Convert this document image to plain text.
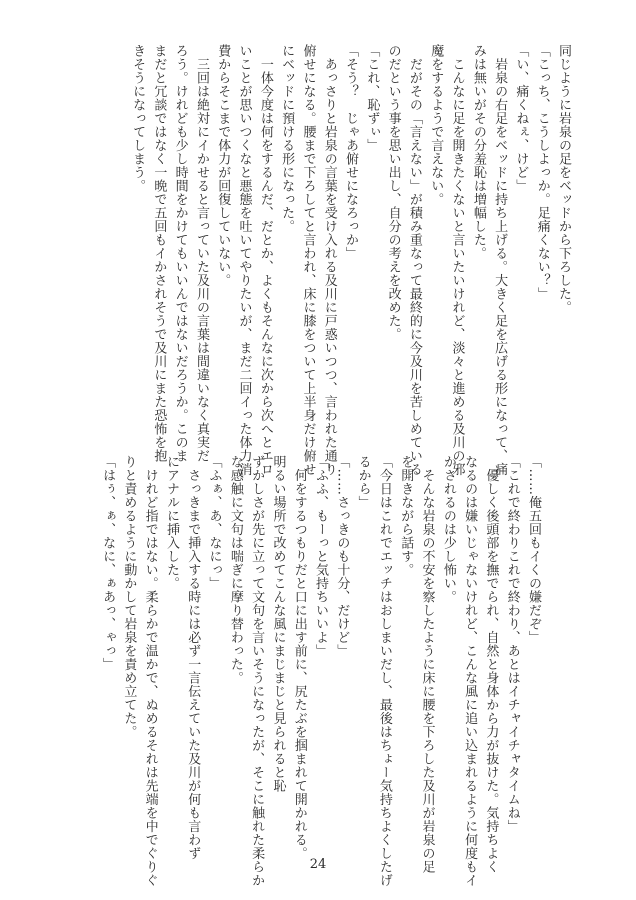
同じように岩泉の足をベッドから下ろした。
「こっち、こうしよっか。足痛くない？」
「い、痛くねぇ、けど」
　岩泉の右足をベッドに持ち上げる。大きく足を広げる形になって、痛
みは無いがその分羞恥は増幅した。
　こんなに足を開きたくないと言いたいけれど、淡々と進める及川の邪
魔をするようで言えない。
　だがその「言えない」が積み重なって最終的に今及川を苦しめている
のだという事を思い出し、自分の考えを改めた。
「これ、恥ずぃ」
「そう？　じゃあ俯せになろっか」
　あっさりと岩泉の言葉を受け入れる及川に戸惑いつつ、言われた通り
俯せになる。腰まで下ろしてと言われ、床に膝をついて上半身だけ俯せ
にベッドに預ける形になった。
　一体今度は何をするんだ、だとか、よくもそんなに次から次へとエロ
いことが思いつくなと悪態を吐いてやりたいが、まだ二回イった体力消
費からそこまで体力が回復していない。
　三回は絶対にイかせると言っていた及川の言葉は間違いなく真実だ
ろう。けれども少し時間をかけてもいいんではないだろうか。このま
まだと冗談ではなく一晩で五回もイかされそうで及川にまた恐怖を抱
きそうになってしまう。
「……俺五回もイくの嫌だぞ」
「これで終わりこれで終わり、あとはイチャイチャタイムね」
　優しく後頭部を撫でられ、自然と身体から力が抜けた。気持ちよく
なるのは嫌いじゃないけれど、こんな風に追い込まれるように何度もイ
かされるのは少し怖い。
　そんな岩泉の不安を察したように床に腰を下ろした及川が岩泉の足
を開きながら話す。
「今日はこれでエッチはおしまいだし、最後はちょー気持ちよくしたげ
るから」
「……さっきのも十分、だけど」
「ふふ、もーっと気持ちいいよ」
　何をするつもりだと口に出す前に、尻たぶを掴まれて開かれる。
明るい場所で改めてこんな風にまじまじと見られると恥
ずかしさが先に立って文句を言いそうになったが、そこに触れた柔らか
な感触に文句は喘ぎに摩り替わった。
「ふぁ、あ、なにっ」
　さっきまで挿入する時には必ず一言伝えていた及川が何も言わず
にアナルに挿入した。
　けれど指ではない。柔らかで温かで、ぬめるそれは先端を中でぐりぐ
りと責めるように動かして岩泉を責め立てた。
「はぅ、ぁ、なに、ぁあっ、ゃっ」
24
